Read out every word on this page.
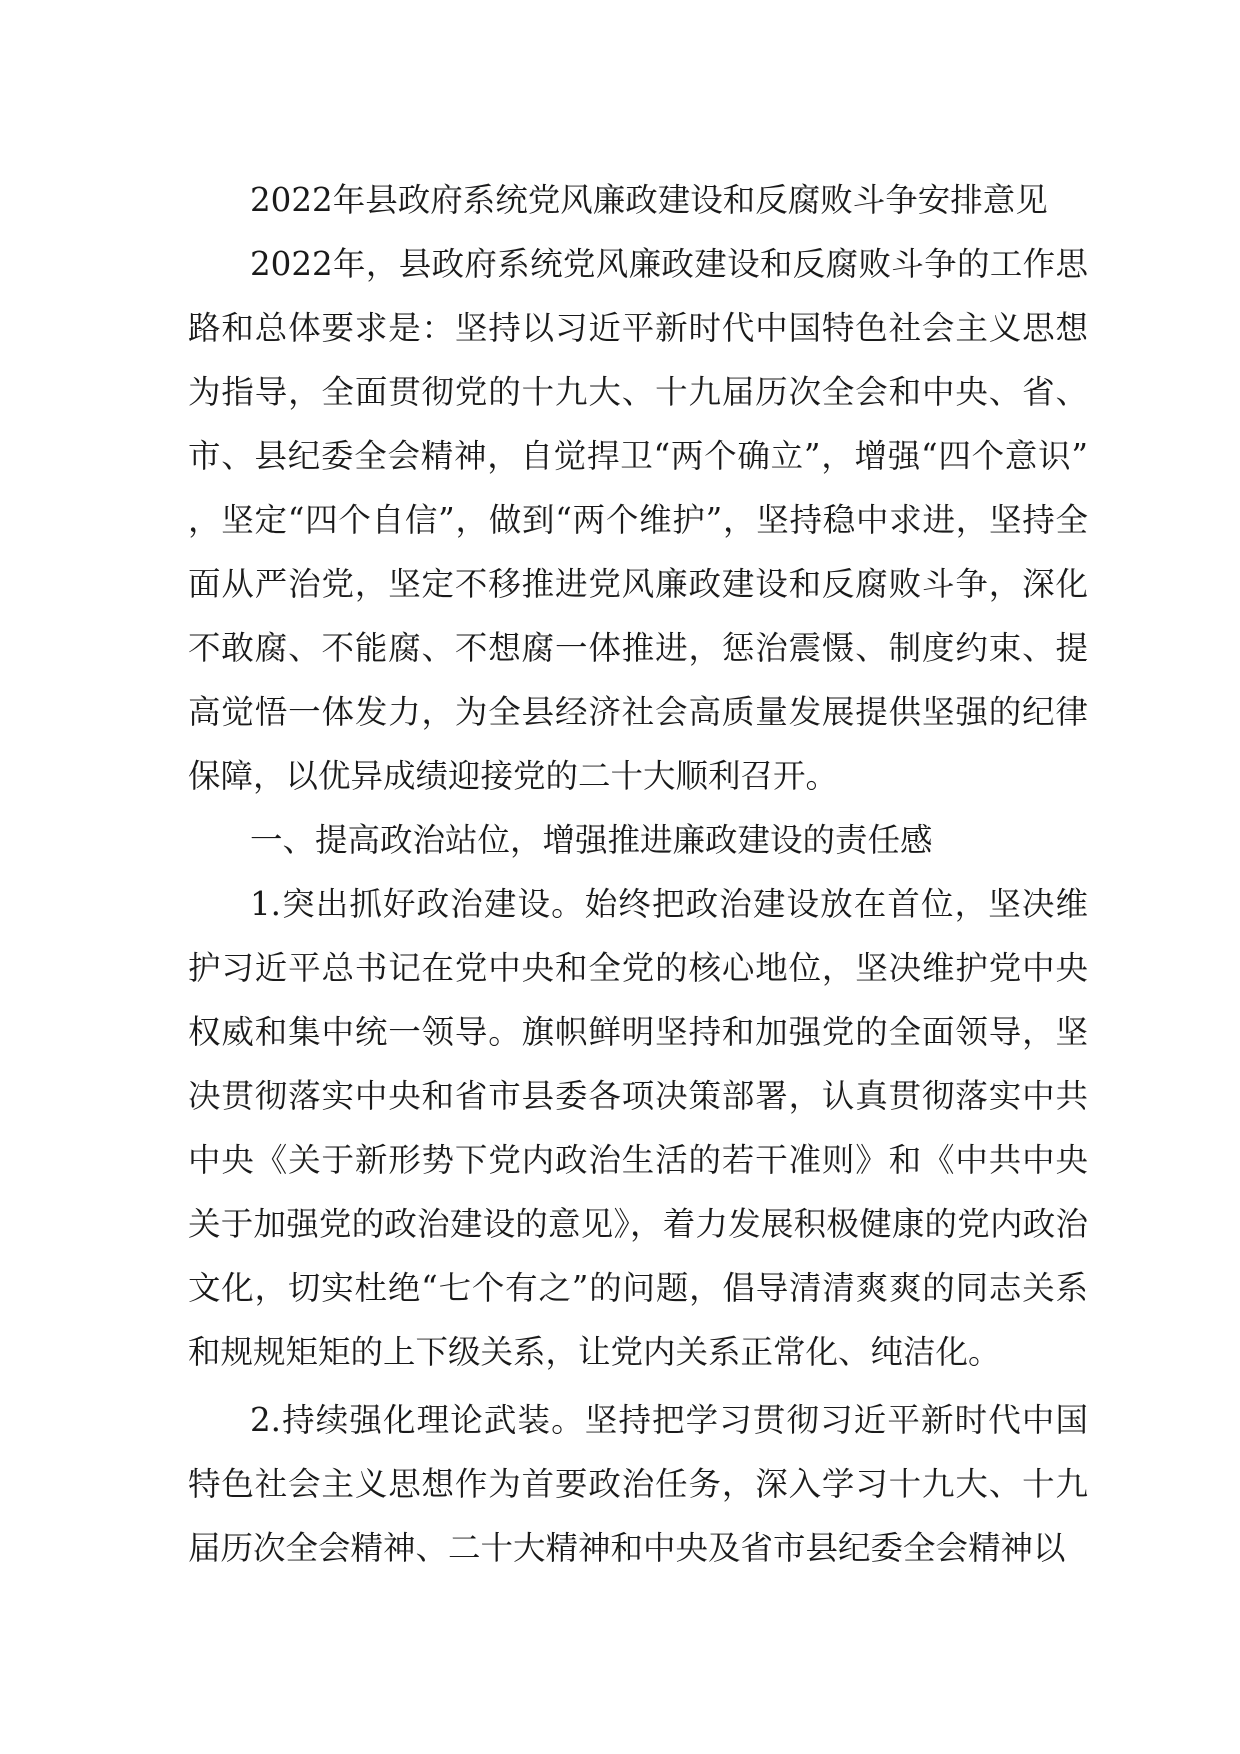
2022年县政府系统党风廉政建设和反腐败斗争安排意见

2022年，县政府系统党风廉政建设和反腐败斗争的工作思路和总体要求是：坚持以习近平新时代中国特色社会主义思想为指导，全面贯彻党的十九大、十九届历次全会和中央、省、市、县纪委全会精神，自觉捍卫“两个确立”，增强“四个意识”，坚定“四个自信”，做到“两个维护”，坚持稳中求进，坚持全面从严治党，坚定不移推进党风廉政建设和反腐败斗争，深化不敢腐、不能腐、不想腐一体推进，惩治震慑、制度约束、提高觉悟一体发力，为全县经济社会高质量发展提供坚强的纪律保障，以优异成绩迎接党的二十大顺利召开。

一、提高政治站位，增强推进廉政建设的责任感

1.突出抓好政治建设。始终把政治建设放在首位，坚决维护习近平总书记在党中央和全党的核心地位，坚决维护党中央权威和集中统一领导。旗帜鲜明坚持和加强党的全面领导，坚决贯彻落实中央和省市县委各项决策部署，认真贯彻落实中共中央《关于新形势下党内政治生活的若干准则》和《中共中央关于加强党的政治建设的意见》，着力发展积极健康的党内政治文化，切实杜绝“七个有之”的问题，倡导清清爽爽的同志关系和规规矩矩的上下级关系，让党内关系正常化、纯洁化。

2.持续强化理论武装。坚持把学习贯彻习近平新时代中国特色社会主义思想作为首要政治任务，深入学习十九大、十九届历次全会精神、二十大精神和中央及省市县纪委全会精神以
